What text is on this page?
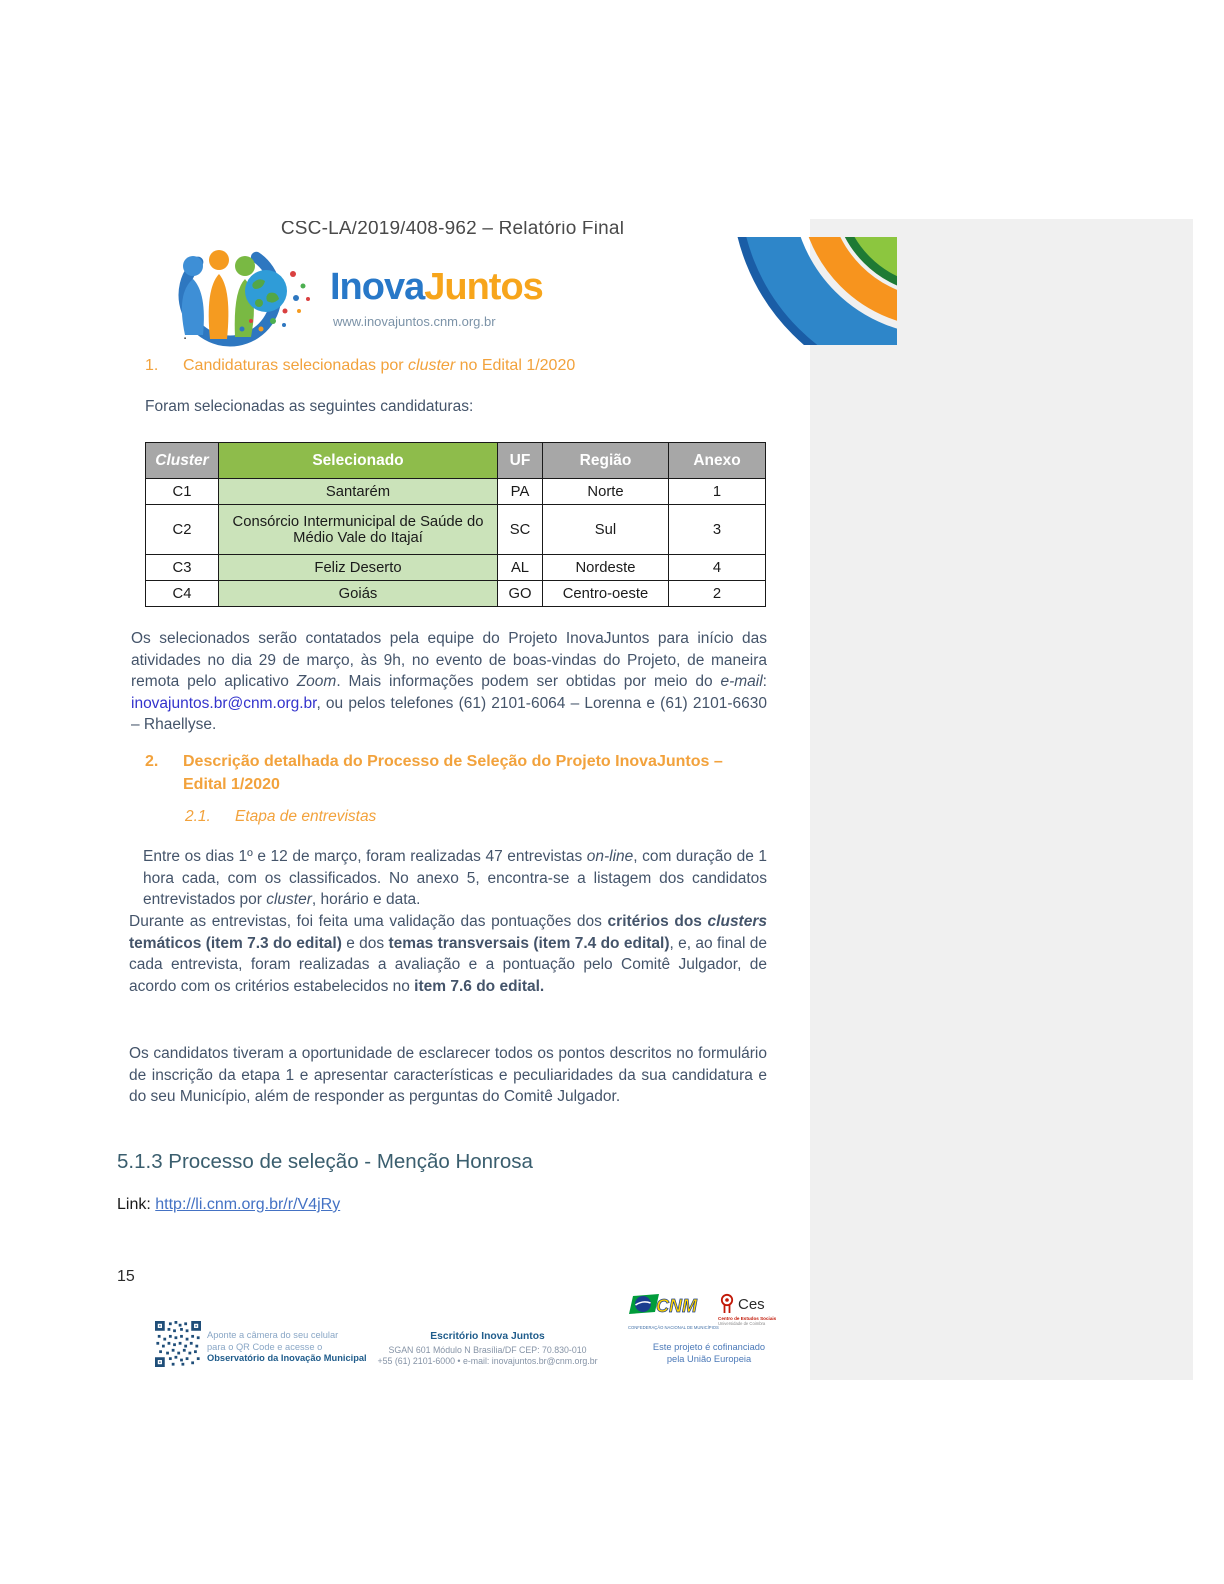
CSC-LA/2019/408-962 – Relatório Final
InovaJuntos
www.inovajuntos.cnm.org.br
.
1. Candidaturas selecionadas por cluster no Edital 1/2020
Foram selecionadas as seguintes candidaturas:
Cluster	Selecionado	UF	Região	Anexo
C1	Santarém	PA	Norte	1
C2	Consórcio Intermunicipal de Saúde do Médio Vale do Itajaí	SC	Sul	3
C3	Feliz Deserto	AL	Nordeste	4
C4	Goiás	GO	Centro-oeste	2
Os selecionados serão contatados pela equipe do Projeto InovaJuntos para início das atividades no dia 29 de março, às 9h, no evento de boas-vindas do Projeto, de maneira remota pelo aplicativo Zoom. Mais informações podem ser obtidas por meio do e-mail: inovajuntos.br@cnm.org.br, ou pelos telefones (61) 2101-6064 – Lorenna e (61) 2101-6630 – Rhaellyse.
2. Descrição detalhada do Processo de Seleção do Projeto InovaJuntos –
Edital 1/2020
2.1. Etapa de entrevistas
Entre os dias 1º e 12 de março, foram realizadas 47 entrevistas on-line, com duração de 1 hora cada, com os classificados. No anexo 5, encontra-se a listagem dos candidatos entrevistados por cluster, horário e data.
Durante as entrevistas, foi feita uma validação das pontuações dos critérios dos clusters temáticos (item 7.3 do edital) e dos temas transversais (item 7.4 do edital), e, ao final de cada entrevista, foram realizadas a avaliação e a pontuação pelo Comitê Julgador, de acordo com os critérios estabelecidos no item 7.6 do edital.
Os candidatos tiveram a oportunidade de esclarecer todos os pontos descritos no formulário de inscrição da etapa 1 e apresentar características e peculiaridades da sua candidatura e do seu Município, além de responder as perguntas do Comitê Julgador.
5.1.3 Processo de seleção - Menção Honrosa
Link: http://li.cnm.org.br/r/V4jRy
15
Aponte a câmera do seu celular
para o QR Code e acesse o
Observatório da Inovação Municipal
Escritório Inova Juntos
SGAN 601 Módulo N Brasília/DF CEP: 70.830-010
+55 (61) 2101-6000 • e-mail: inovajuntos.br@cnm.org.br
CNM
CONFEDERAÇÃO NACIONAL DE MUNICÍPIOS
Ces
Centro de Estudos Sociais
Universidade de Coimbra
Este projeto é cofinanciado
pela União Europeia
